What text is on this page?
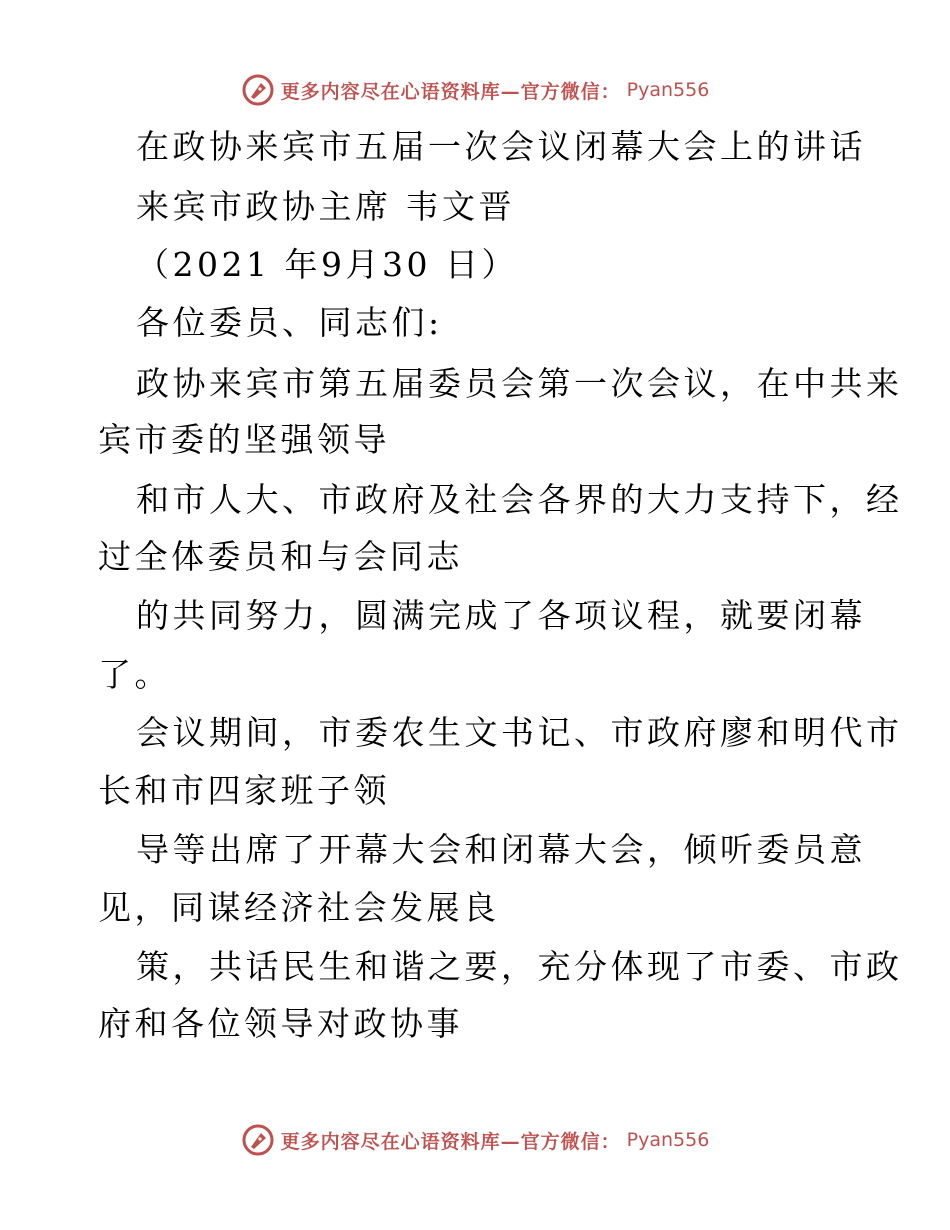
更多内容尽在心语资料库—官方微信： Pyan556
在政协来宾市五届一次会议闭幕大会上的讲话
来宾市政协主席 韦文晋
（2021 年9月30 日）
各位委员、同志们:
政协来宾市第五届委员会第一次会议，在中共来
宾市委的坚强领导
和市人大、市政府及社会各界的大力支持下，经
过全体委员和与会同志
的共同努力，圆满完成了各项议程，就要闭幕
了。
会议期间，市委农生文书记、市政府廖和明代市
长和市四家班子领
导等出席了开幕大会和闭幕大会，倾听委员意
见，同谋经济社会发展良
策，共话民生和谐之要，充分体现了市委、市政
府和各位领导对政协事
更多内容尽在心语资料库—官方微信： Pyan556
